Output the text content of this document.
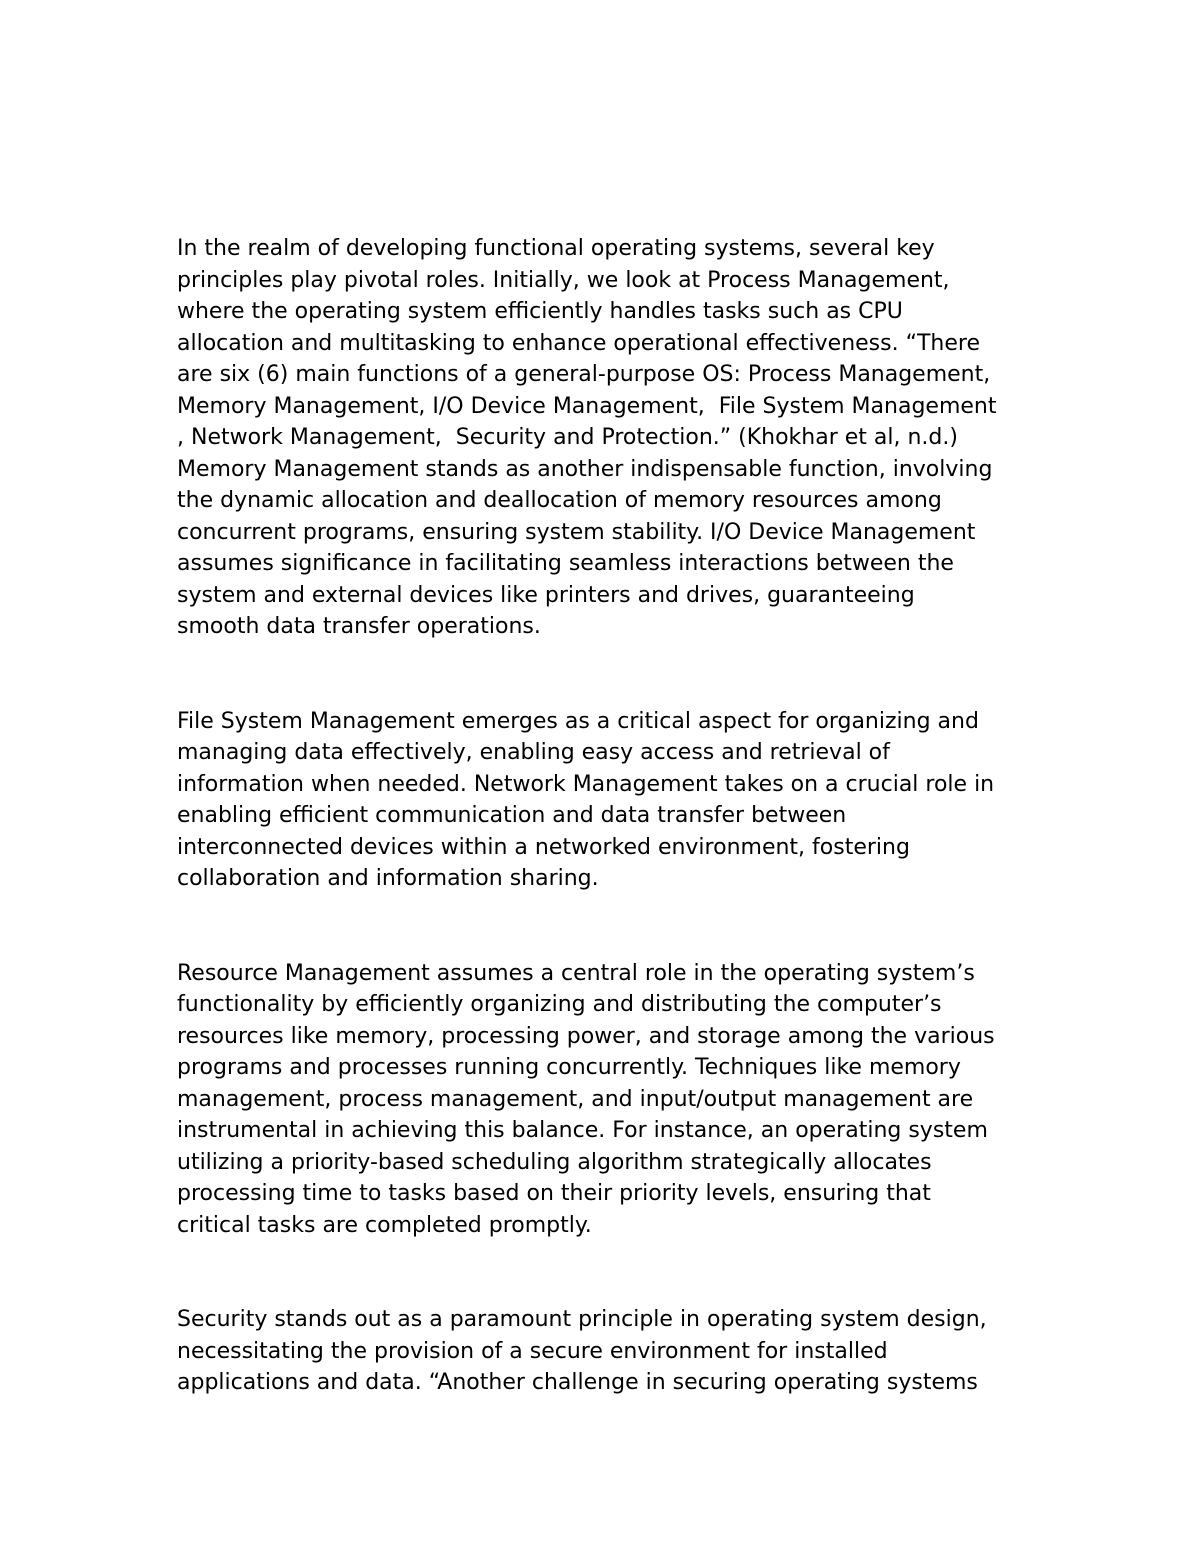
In the realm of developing functional operating systems, several key
principles play pivotal roles. Initially, we look at Process Management,
where the operating system efficiently handles tasks such as CPU
allocation and multitasking to enhance operational effectiveness. “There
are six (6) main functions of a general-purpose OS: Process Management,
Memory Management, I/O Device Management,  File System Management
, Network Management,  Security and Protection.” (Khokhar et al, n.d.)
Memory Management stands as another indispensable function, involving
the dynamic allocation and deallocation of memory resources among
concurrent programs, ensuring system stability. I/O Device Management
assumes significance in facilitating seamless interactions between the
system and external devices like printers and drives, guaranteeing
smooth data transfer operations.

File System Management emerges as a critical aspect for organizing and
managing data effectively, enabling easy access and retrieval of
information when needed. Network Management takes on a crucial role in
enabling efficient communication and data transfer between
interconnected devices within a networked environment, fostering
collaboration and information sharing.

Resource Management assumes a central role in the operating system’s
functionality by efficiently organizing and distributing the computer’s
resources like memory, processing power, and storage among the various
programs and processes running concurrently. Techniques like memory
management, process management, and input/output management are
instrumental in achieving this balance. For instance, an operating system
utilizing a priority-based scheduling algorithm strategically allocates
processing time to tasks based on their priority levels, ensuring that
critical tasks are completed promptly.

Security stands out as a paramount principle in operating system design,
necessitating the provision of a secure environment for installed
applications and data. “Another challenge in securing operating systems
